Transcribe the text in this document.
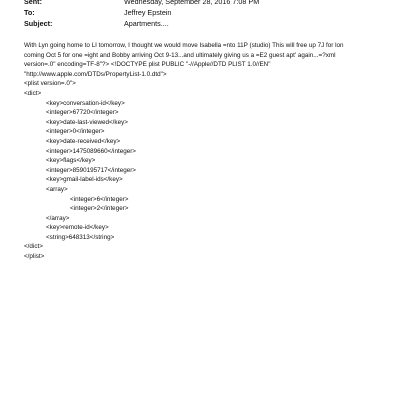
Sent:	Wednesday, September 28, 2016 7:08 PM
To:	Jeffrey Epstein
Subject:	Apartments....
With Lyn going home to LI tomorrow, I thought we would move Isabella =nto 11P (studio) This will free up 7J for lon
coming Oct 5 for one =ight and Bobby arriving Oct 9-13...and ultimately giving us a =E2 guest apt' again...=?xml
version=.0" encoding=TF-8"?> <!DOCTYPE plist PUBLIC "-//Apple//DTD PLIST 1.0//EN"
"http://www.apple.com/DTDs/PropertyList-1.0.dtd">
<plist version=.0">
<dict>
<key>conversation-id</key>
<integer>67720</integer>
<key>date-last-viewed</key>
<integer>0</integer>
<key>date-received</key>
<integer>1475089660</integer>
<key>flags</key>
<integer>8590195717</integer>
<key>gmail-label-ids</key>
<array>
<integer>6</integer>
<integer>2</integer>
</array>
<key>remote-id</key>
<string>648313</string>
</dict>
</plist>
